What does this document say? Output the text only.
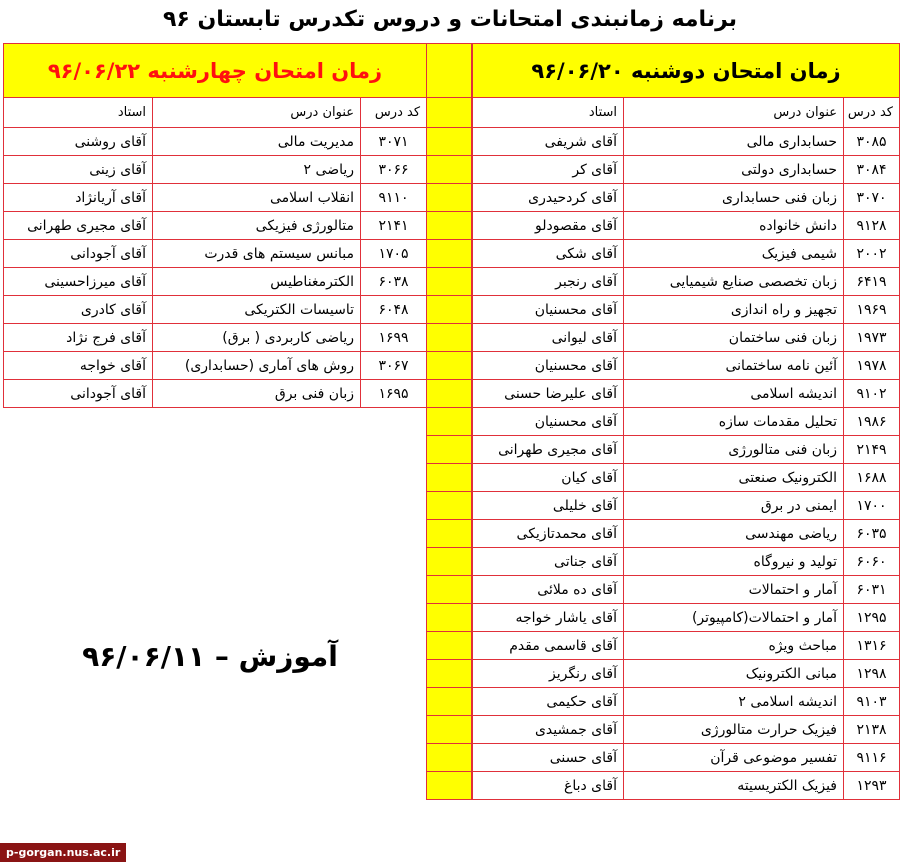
برنامه زمانبندی امتحانات و دروس تکدرس تابستان ۹۶
زمان امتحان دوشنبه ۹۶/۰۶/۲۰		
کد درس	عنوان درس	استاد
۳۰۸۵	حسابداری مالی	آقای شریفی
۳۰۸۴	حسابداری دولتی	آقای کر
۳۰۷۰	زبان فنی حسابداری	آقای کردحیدری
۹۱۲۸	دانش خانواده	آقای مقصودلو
۲۰۰۲	شیمی فیزیک	آقای شکی
۶۴۱۹	زبان تخصصی صنایع شیمیایی	آقای رنجبر
۱۹۶۹	تجهیز و راه اندازی	آقای محسنیان
۱۹۷۳	زبان فنی ساختمان	آقای لیوانی
۱۹۷۸	آئین نامه ساختمانی	آقای محسنیان
۹۱۰۲	اندیشه اسلامی	آقای علیرضا حسنی
۱۹۸۶	تحلیل مقدمات سازه	آقای محسنیان
۲۱۴۹	زبان فنی متالورژی	آقای مجیری طهرانی
۱۶۸۸	الکترونیک صنعتی	آقای کیان
۱۷۰۰	ایمنی در برق	آقای خلیلی
۶۰۳۵	ریاضی مهندسی	آقای محمدتازیکی
۶۰۶۰	تولید و نیروگاه	آقای جناتی
۶۰۳۱	آمار و احتمالات	آقای ده ملائی
۱۲۹۵	آمار و احتمالات(کامپیوتر)	آقای یاشار خواجه
۱۳۱۶	مباحث ویژه	آقای قاسمی مقدم
۱۲۹۸	مبانی الکترونیک	آقای رنگریز
۹۱۰۳	اندیشه اسلامی ۲	آقای حکیمی
۲۱۳۸	فیزیک حرارت متالورژی	آقای جمشیدی
۹۱۱۶	تفسیر موضوعی قرآن	آقای حسنی
۱۲۹۳	فیزیک الکتریسیته	آقای دباغ

زمان امتحان چهارشنبه ۹۶/۰۶/۲۲		
کد درس	عنوان درس	استاد
۳۰۷۱	مدیریت مالی	آقای روشنی
۳۰۶۶	ریاضی ۲	آقای زینی
۹۱۱۰	انقلاب اسلامی	آقای آریانژاد
۲۱۴۱	متالورژی فیزیکی	آقای مجیری طهرانی
۱۷۰۵	مبانس سیستم های قدرت	آقای آجودانی
۶۰۳۸	الکترمغناطیس	آقای میرزاحسینی
۶۰۴۸	تاسیسات الکتریکی	آقای کادری
۱۶۹۹	ریاضی کاربردی ( برق)	آقای فرج نژاد
۳۰۶۷	روش های آماری (حسابداری)	آقای خواجه
۱۶۹۵	زبان فنی برق	آقای آجودانی
آموزش – ۹۶/۰۶/۱۱
p-gorgan.nus.ac.ir
